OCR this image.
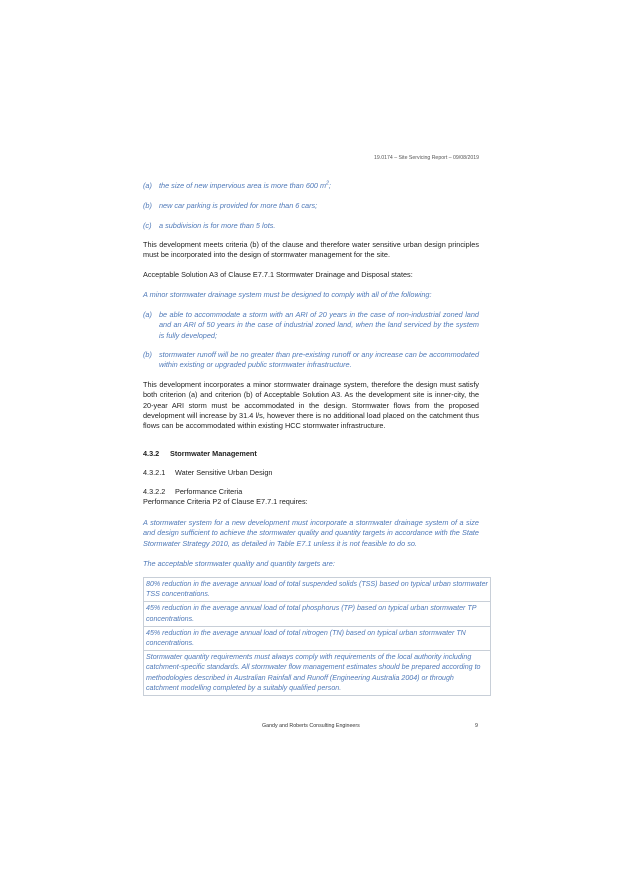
19.0174 – Site Servicing Report – 09/08/2019
(a) the size of new impervious area is more than 600 $m^2$;
(b) new car parking is provided for more than 6 cars;
(c) a subdivision is for more than 5 lots.
This development meets criteria (b) of the clause and therefore water sensitive urban design principles must be incorporated into the design of stormwater management for the site.
Acceptable Solution A3 of Clause E7.7.1 Stormwater Drainage and Disposal states:
A minor stormwater drainage system must be designed to comply with all of the following:
(a) be able to accommodate a storm with an ARI of 20 years in the case of non-industrial zoned land and an ARI of 50 years in the case of industrial zoned land, when the land serviced by the system is fully developed;
(b) stormwater runoff will be no greater than pre-existing runoff or any increase can be accommodated within existing or upgraded public stormwater infrastructure.
This development incorporates a minor stormwater drainage system, therefore the design must satisfy both criterion (a) and criterion (b) of Acceptable Solution A3. As the development site is inner-city, the 20-year ARI storm must be accommodated in the design. Stormwater flows from the proposed development will increase by 31.4 l/s, however there is no additional load placed on the catchment thus flows can be accommodated within existing HCC stormwater infrastructure.
4.3.2 Stormwater Management
4.3.2.1 Water Sensitive Urban Design
4.3.2.2 Performance Criteria
Performance Criteria P2 of Clause E7.7.1 requires:
A stormwater system for a new development must incorporate a stormwater drainage system of a size and design sufficient to achieve the stormwater quality and quantity targets in accordance with the State Stormwater Strategy 2010, as detailed in Table E7.1 unless it is not feasible to do so.
The acceptable stormwater quality and quantity targets are:
80% reduction in the average annual load of total suspended solids (TSS) based on typical urban stormwater TSS concentrations.
45% reduction in the average annual load of total phosphorus (TP) based on typical urban stormwater TP concentrations.
45% reduction in the average annual load of total nitrogen (TN) based on typical urban stormwater TN concentrations.
Stormwater quantity requirements must always comply with requirements of the local authority including catchment-specific standards. All stormwater flow management estimates should be prepared according to methodologies described in Australian Rainfall and Runoff (Engineering Australia 2004) or through catchment modelling completed by a suitably qualified person.
Gandy and Roberts Consulting Engineers	9
